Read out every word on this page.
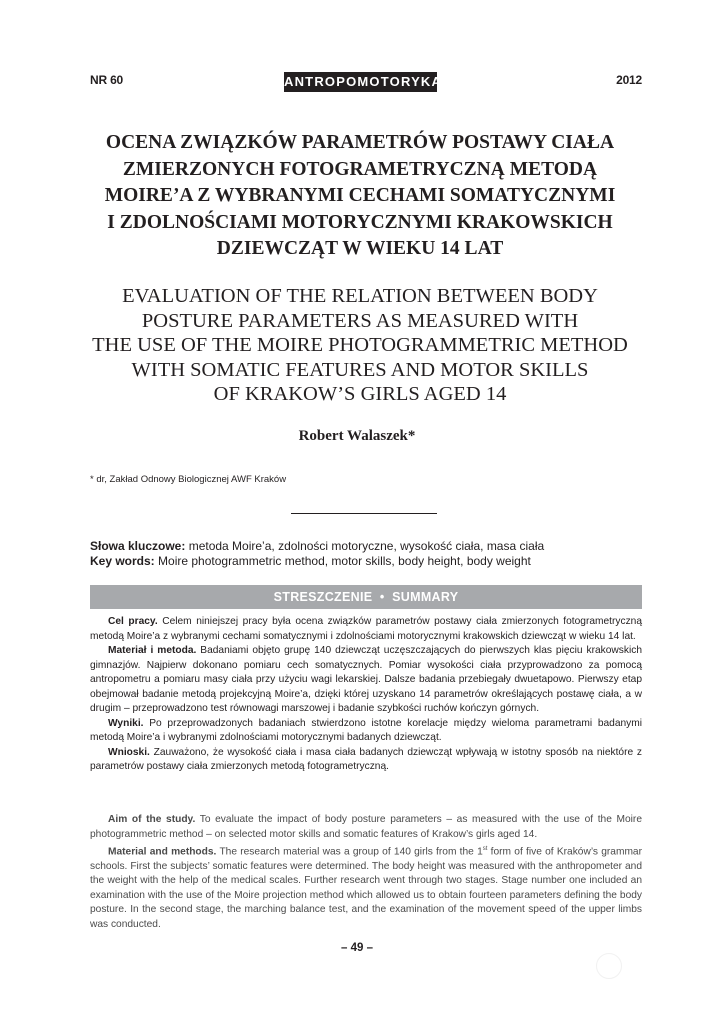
NR 60	ANTROPOMOTORYKA	2012
OCENA ZWIĄZKÓW PARAMETRÓW POSTAWY CIAŁA
ZMIERZONYCH FOTOGRAMETRYCZNĄ METODĄ
MOIRE’A Z WYBRANYMI CECHAMI SOMATYCZNYMI
I ZDOLNOŚCIAMI MOTORYCZNYMI KRAKOWSKICH
DZIEWCZĄT W WIEKU 14 LAT
EVALUATION OF THE RELATION BETWEEN BODY
POSTURE PARAMETERS AS MEASURED WITH
THE USE OF THE MOIRE PHOTOGRAMMETRIC METHOD
WITH SOMATIC FEATURES AND MOTOR SKILLS
OF KRAKOW’S GIRLS AGED 14
Robert Walaszek*
* dr, Zakład Odnowy Biologicznej AWF Kraków
Słowa kluczowe: metoda Moire’a, zdolności motoryczne, wysokość ciała, masa ciała
Key words: Moire photogrammetric method, motor skills, body height, body weight
STRESZCZENIE  •  SUMMARY

Cel pracy. Celem niniejszej pracy była ocena związków parametrów postawy ciała zmierzonych fotogrametryczną metodą Moire’a z wybranymi cechami somatycznymi i zdolnościami motorycznymi krakowskich dziewcząt w wieku 14 lat.

Materiał i metoda. Badaniami objęto grupę 140 dziewcząt uczęszczających do pierwszych klas pięciu krakowskich gimnazjów. Najpierw dokonano pomiaru cech somatycznych. Pomiar wysokości ciała przyprowadzono za pomocą antropometru a pomiaru masy ciała przy użyciu wagi lekarskiej. Dalsze badania przebiegały dwuetapowo. Pierwszy etap obejmował badanie metodą projekcyjną Moire’a, dzięki której uzyskano 14 parametrów określających postawę ciała, a w drugim – przeprowadzono test równowagi marszowej i badanie szybkości ruchów kończyn górnych.

Wyniki. Po przeprowadzonych badaniach stwierdzono istotne korelacje między wieloma parametrami badanymi metodą Moire’a i wybranymi zdolnościami motorycznymi badanych dziewcząt.

Wnioski. Zauważono, że wysokość ciała i masa ciała badanych dziewcząt wpływają w istotny sposób na niektóre z parametrów postawy ciała zmierzonych metodą fotogrametryczną.

Aim of the study. To evaluate the impact of body posture parameters – as measured with the use of the Moire photogrammetric method – on selected motor skills and somatic features of Krakow’s girls aged 14.

Material and methods. The research material was a group of 140 girls from the 1st form of five of Kraków’s grammar schools. First the subjects’ somatic features were determined. The body height was measured with the anthropometer and the weight with the help of the medical scales. Further research went through two stages. Stage number one included an examination with the use of the Moire projection method which allowed us to obtain fourteen parameters defining the body posture. In the second stage, the marching balance test, and the examination of the movement speed of the upper limbs was conducted.

– 49 –
